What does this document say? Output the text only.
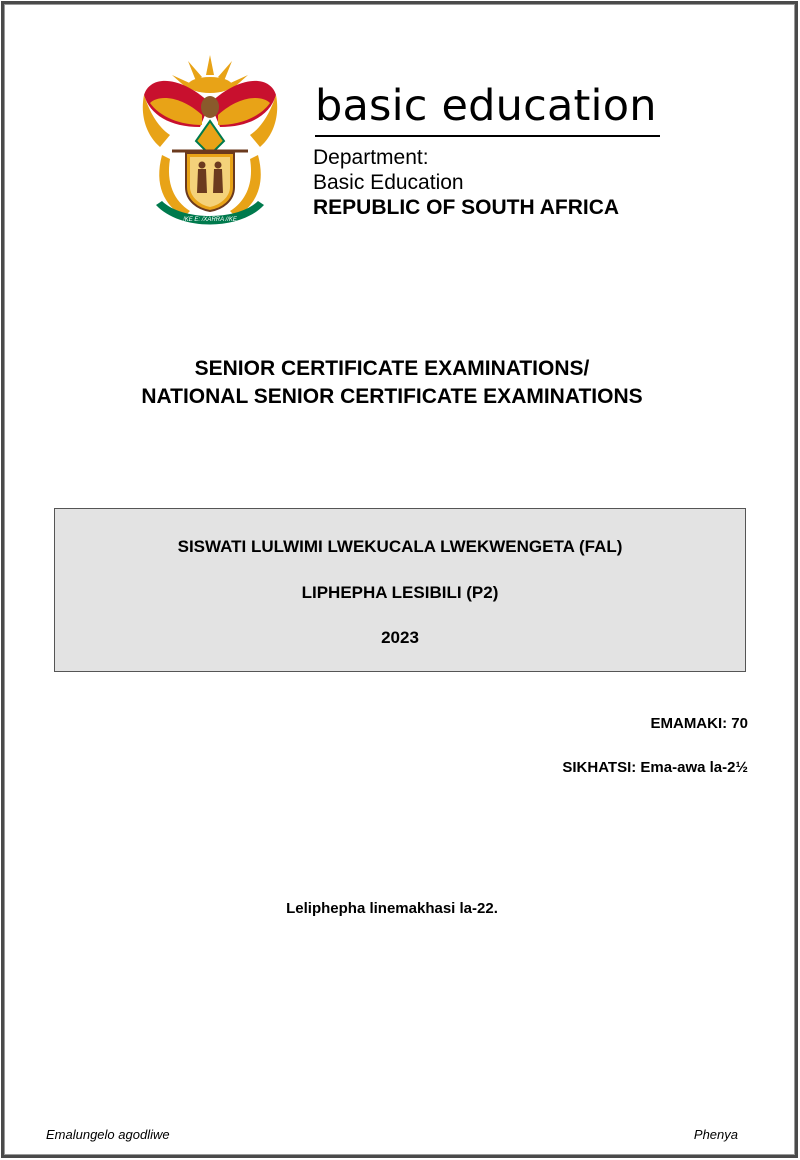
!KE E: /XARRA //KE
basic education
Department:
Basic Education
REPUBLIC OF SOUTH AFRICA
SENIOR CERTIFICATE EXAMINATIONS/
NATIONAL SENIOR CERTIFICATE EXAMINATIONS
SISWATI LULWIMI LWEKUCALA LWEKWENGETA (FAL)
LIPHEPHA LESIBILI (P2)
2023
EMAMAKI: 70
SIKHATSI: Ema-awa la-2½
Leliphepha linemakhasi la-22.
Emalungelo agodliwe	Phenya
